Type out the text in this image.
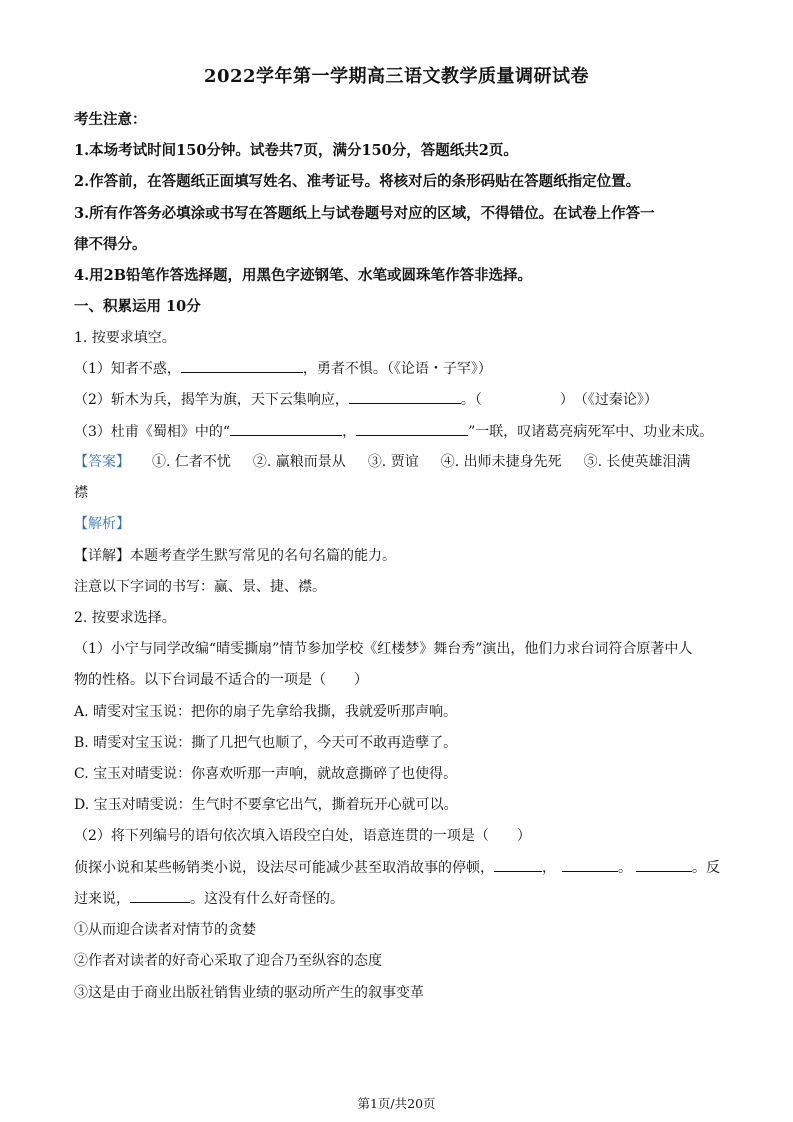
2022学年第一学期高三语文教学质量调研试卷
考生注意：
1.本场考试时间150分钟。试卷共7页，满分150分，答题纸共2页。
2.作答前，在答题纸正面填写姓名、准考证号。将核对后的条形码贴在答题纸指定位置。
3.所有作答务必填涂或书写在答题纸上与试卷题号对应的区域，不得错位。在试卷上作答一
律不得分。
4.用2B铅笔作答选择题，用黑色字迹钢笔、水笔或圆珠笔作答非选择。
一、积累运用 10分
1. 按要求填空。
（1）知者不惑，	，勇者不惧。（《论语・子罕》）
（2）斩木为兵，揭竿为旗，天下云集响应，	。（	）　（《过秦论》）
（3）杜甫《蜀相》中的“	，	”一联，叹诸葛亮病死军中、功业未成。
【答案】 ①. 仁者不忧 ②. 赢粮而景从 ③. 贾谊 ④. 出师未捷身先死 ⑤. 长使英雄泪满
襟
【解析】
【详解】本题考查学生默写常见的名句名篇的能力。
注意以下字词的书写：赢、景、捷、襟。
2. 按要求选择。
（1）小宁与同学改编“晴雯撕扇”情节参加学校《红楼梦》舞台秀”演出，他们力求台词符合原著中人
物的性格。以下台词最不适合的一项是（　　）
A. 晴雯对宝玉说：把你的扇子先拿给我撕，我就爱听那声响。
B. 晴雯对宝玉说：撕了几把气也顺了，今天可不敢再造孽了。
C. 宝玉对晴雯说：你喜欢听那一声响，就故意撕碎了也使得。
D. 宝玉对晴雯说：生气时不要拿它出气，撕着玩开心就可以。
（2）将下列编号的语句依次填入语段空白处，语意连贯的一项是（　　）
侦探小说和某些畅销类小说，设法尽可能减少甚至取消故事的停顿，	，	。	。反
过来说，	。这没有什么好奇怪的。
①从而迎合读者对情节的贪婪
②作者对读者的好奇心采取了迎合乃至纵容的态度
③这是由于商业出版社销售业绩的驱动所产生的叙事变革
第1页/共20页
